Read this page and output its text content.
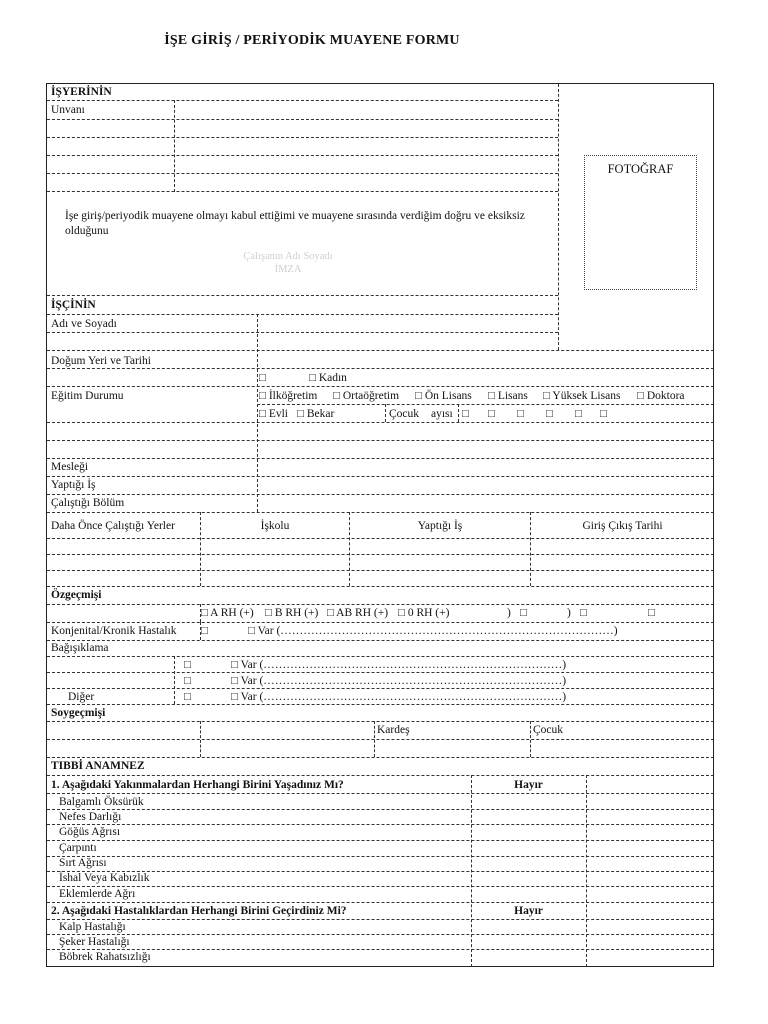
İŞE GİRİŞ / PERİYODİK MUAYENE FORMU
FOTOĞRAF
İŞYERİNİN
Unvanı
İşe giriş/periyodik muayene olmayı kabul ettiğimi ve muayene sırasında verdiğim doğru ve eksiksiz olduğunu
Çalışanın Adı Soyadı
İMZA
İŞÇİNİN
Adı ve Soyadı
Doğum Yeri ve Tarihi
□	□ Kadın
Eğitim Durumu	□ İlköğretim □ Ortaöğretim □ Ön Lisans □ Lisans □ Yüksek Lisans □ Doktora
□ Evli □ Bekar	Çocuk ayısı □ □ □ □ □ □
Mesleği
Yaptığı İş
Çalıştığı Bölüm
Daha Önce Çalıştığı Yerler	İşkolu	Yaptığı İş	Giriş Çıkış Tarihi
Özgeçmişi
□ A RH (+) □ B RH (+) □ AB RH (+) □ 0 RH (+)	) □	) □	□
Konjenital/Kronik Hastalık □	□ Var (……………………………………………………………………………)
Bağışıklama
□	□ Var (……………………………………………………………………)
□	□ Var (……………………………………………………………………)
Diğer	□	□ Var (……………………………………………………………………)
Soygeçmişi
Kardeş	Çocuk
TIBBİ ANAMNEZ
1. Aşağıdaki Yakınmalardan Herhangi Birini Yaşadınız Mı?	Hayır
Balgamlı Öksürük
Nefes Darlığı
Göğüs Ağrısı
Çarpıntı
Sırt Ağrısı
İshal Veya Kabızlık
Eklemlerde Ağrı
2. Aşağıdaki Hastalıklardan Herhangi Birini Geçirdiniz Mi?	Hayır
Kalp Hastalığı
Şeker Hastalığı
Böbrek Rahatsızlığı
